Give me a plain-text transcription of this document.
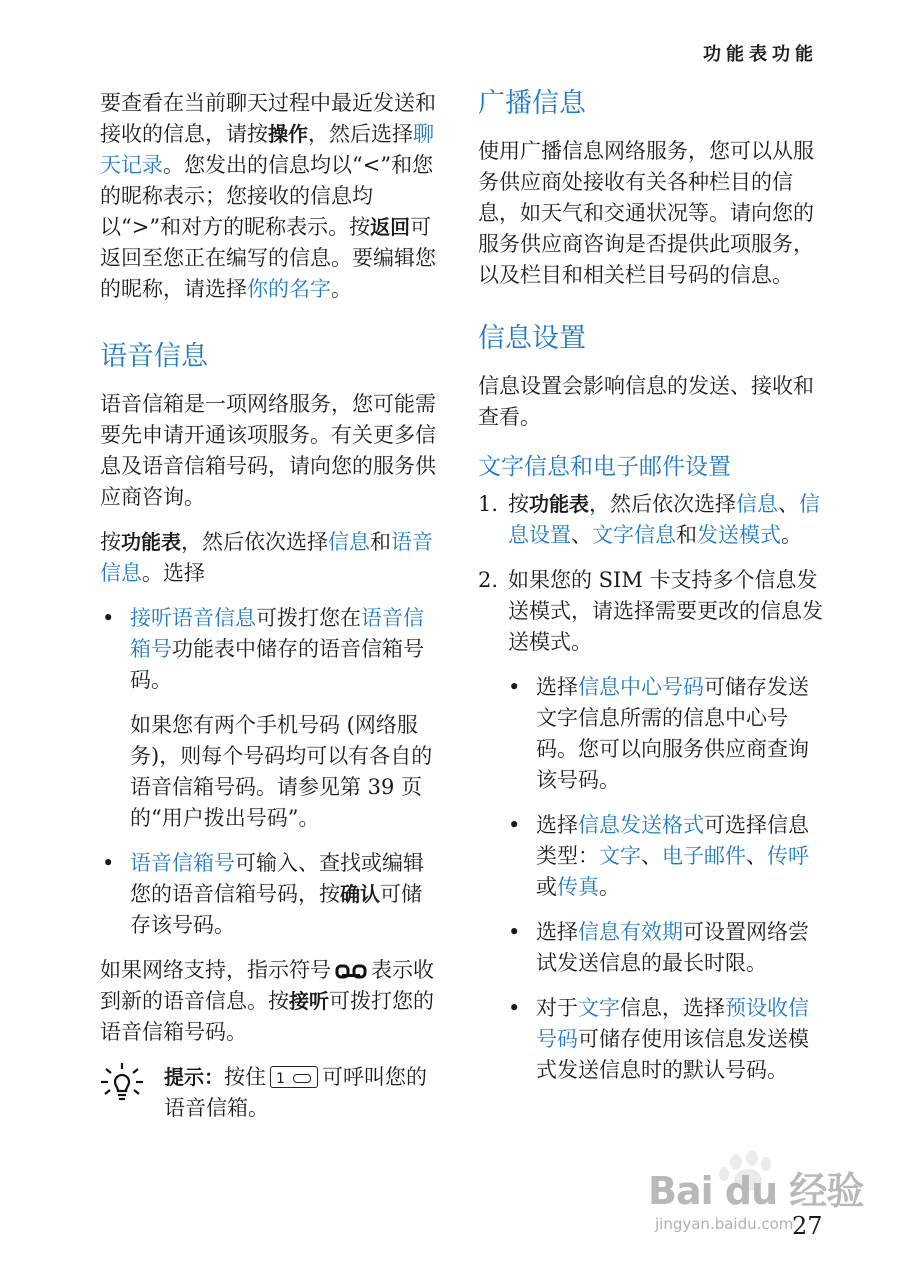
功能表功能

要查看在当前聊天过程中最近发送和接收的信息，请按操作，然后选择聊天记录。您发出的信息均以“<”和您的昵称表示；您接收的信息均以“>”和对方的昵称表示。按返回可返回至您正在编写的信息。要编辑您的昵称，请选择你的名字。

语音信息

语音信箱是一项网络服务，您可能需要先申请开通该项服务。有关更多信息及语音信箱号码，请向您的服务供应商咨询。

按功能表，然后依次选择信息和语音信息。选择

• 接听语音信息可拨打您在语音信箱号功能表中储存的语音信箱号码。

如果您有两个手机号码 (网络服务)，则每个号码均可以有各自的语音信箱号码。请参见第 39 页的“用户拨出号码”。

• 语音信箱号可输入、查找或编辑您的语音信箱号码，按确认可储存该号码。

如果网络支持，指示符号 表示收到新的语音信息。按接听可拨打您的语音信箱号码。

提示：按住 1 可呼叫您的语音信箱。

广播信息

使用广播信息网络服务，您可以从服务供应商处接收有关各种栏目的信息，如天气和交通状况等。请向您的服务供应商咨询是否提供此项服务，以及栏目和相关栏目号码的信息。

信息设置

信息设置会影响信息的发送、接收和查看。

文字信息和电子邮件设置

1. 按功能表，然后依次选择信息、信息设置、文字信息和发送模式。

2. 如果您的 SIM 卡支持多个信息发送模式，请选择需要更改的信息发送模式。

• 选择信息中心号码可储存发送文字信息所需的信息中心号码。您可以向服务供应商查询该号码。

• 选择信息发送格式可选择信息类型：文字、电子邮件、传呼或传真。

• 选择信息有效期可设置网络尝试发送信息的最长时限。

• 对于文字信息，选择预设收信号码可储存使用该信息发送模式发送信息时的默认号码。

Bai du 经验
jingyan.baidu.com
27
